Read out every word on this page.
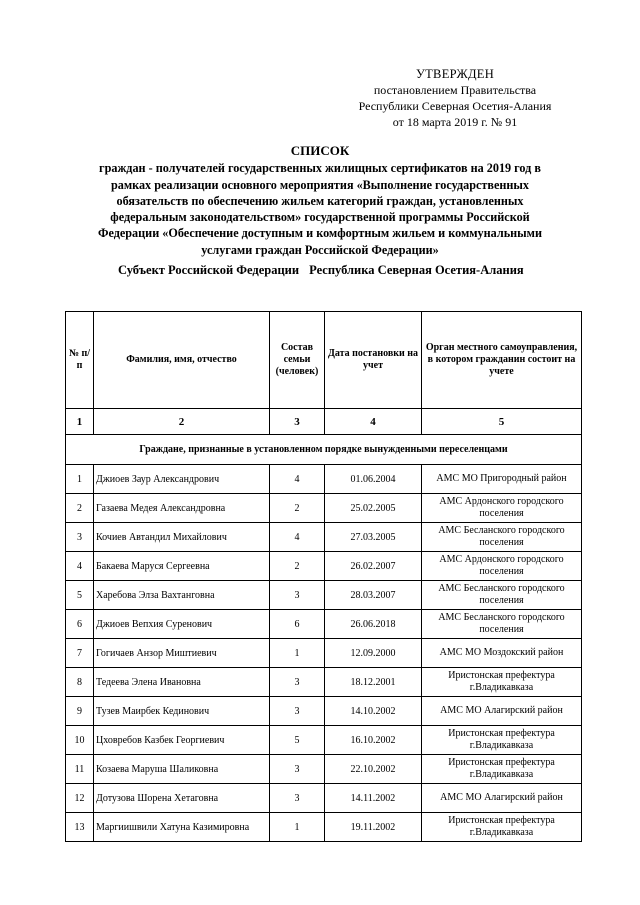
УТВЕРЖДЕН
постановлением Правительства
Республики Северная Осетия-Алания
от 18 марта 2019 г. № 91
СПИСОК
граждан - получателей государственных жилищных сертификатов на 2019 год в
рамках реализации основного мероприятия «Выполнение государственных
обязательств по обеспечению жильем категорий граждан, установленных
федеральным законодательством» государственной программы Российской
Федерации «Обеспечение доступным и комфортным жильем и коммунальными
услугами граждан Российской Федерации»
Субъект Российской Федерации Республика Северная Осетия-Алания
№ п/п	Фамилия, имя, отчество	Состав семьи (человек)	Дата постановки на учет	Орган местного самоуправления, в котором гражданин состоит на учете
1	2	3	4	5
Граждане, признанные в установленном порядке вынужденными переселенцами				
1	Джиоев Заур Александрович	4	01.06.2004	АМС МО Пригородный район
2	Газаева Медея Александровна	2	25.02.2005	АМС Ардонского городского поселения
3	Кочиев Автандил Михайлович	4	27.03.2005	АМС Бесланского городского поселения
4	Бакаева Маруся Сергеевна	2	26.02.2007	АМС Ардонского городского поселения
5	Харебова Элза Вахтанговна	3	28.03.2007	АМС Бесланского городского поселения
6	Джиоев Вепхия Суренович	6	26.06.2018	АМС Бесланского городского поселения
7	Гогичаев Анзор Миштиевич	1	12.09.2000	АМС МО Моздокский район
8	Тедеева Элена Ивановна	3	18.12.2001	Иристонская префектура г.Владикавказа
9	Тузев Маирбек Кединович	3	14.10.2002	АМС МО Алагирский район
10	Цховребов Казбек Георгиевич	5	16.10.2002	Иристонская префектура г.Владикавказа
11	Козаева Маруша Шаликовна	3	22.10.2002	Иристонская префектура г.Владикавказа
12	Дотузова Шорена Хетаговна	3	14.11.2002	АМС МО Алагирский район
13	Маргиишвили Хатуна Казимировна	1	19.11.2002	Иристонская префектура г.Владикавказа
